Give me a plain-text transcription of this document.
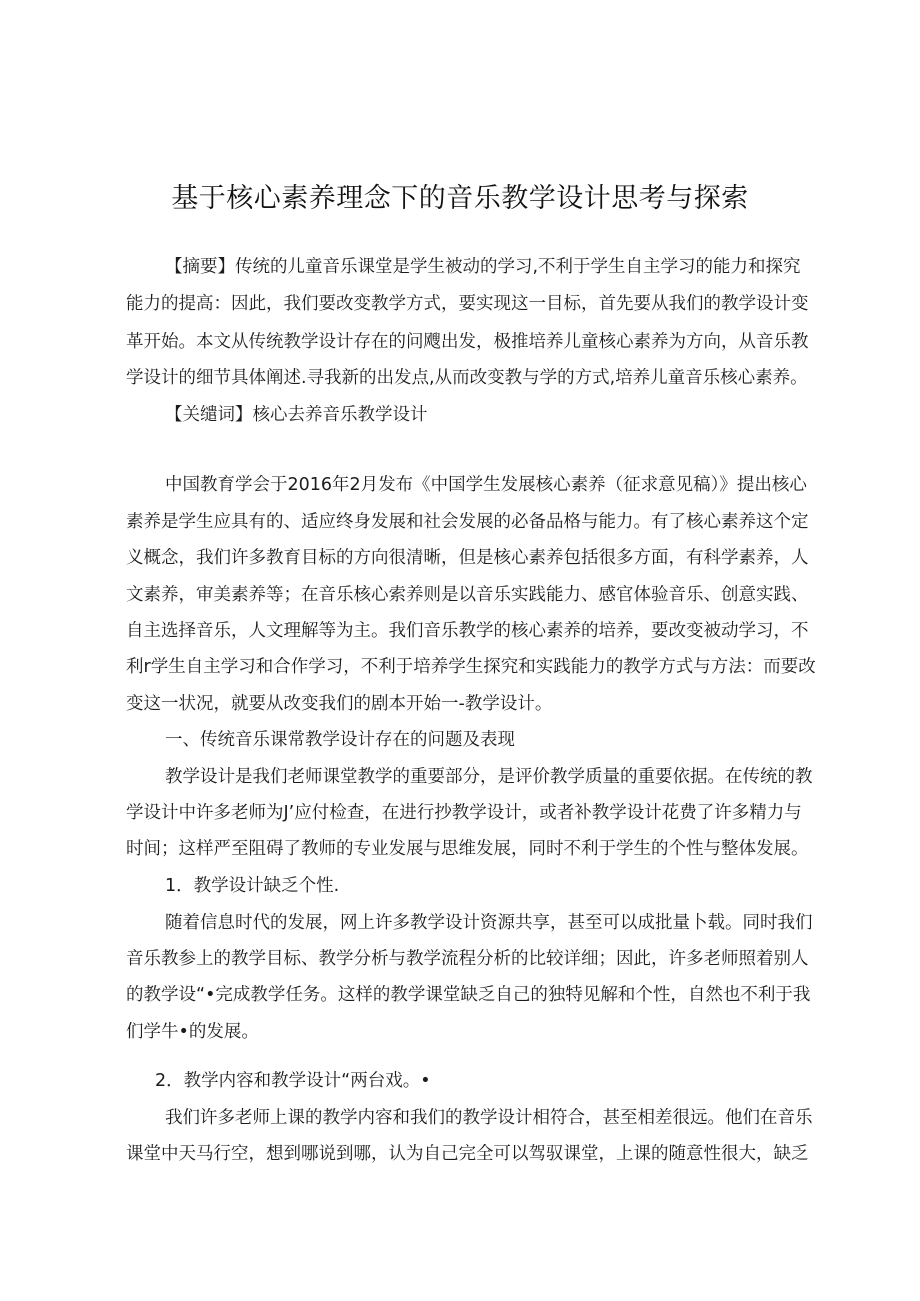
基于核心素养理念下的音乐教学设计思考与探索
【摘要】传统的儿童音乐课堂是学生被动的学习,不利于学生自主学习的能力和探究
能力的提高：因此，我们要改变教学方式，要实现这一目标，首先要从我们的教学设计变
革开始。本文从传统教学设计存在的问飕出发，极推培养儿童核心素养为方向，从音乐教
学设计的细节具体阐述.寻我新的出发点,从而改变教与学的方式,培养儿童音乐核心素养。
【关缱词】核心去养音乐教学设计
中国教育学会于2016年2月发布《中国学生发展核心素养（征求意见稿）》提出核心
素养是学生应具有的、适应终身发展和社会发展的必备品格与能力。有了核心素养这个定
义概念，我们许多教育目标的方向很清晰，但是核心素养包括很多方面，有科学素养，人
文素养，审美素养等；在音乐核心索养则是以音乐实践能力、感官体验音乐、创意实践、
自主选择音乐，人文理解等为主。我们音乐教学的核心素养的培养，要改变被动学习，不
利r学生自主学习和合作学习，不利于培养学生探究和实践能力的教学方式与方法：而要改
变这一状况，就要从改变我们的剧本开始一-教学设计。
一、传统音乐课常教学设计存在的问题及表现
教学设计是我们老师课堂教学的重要部分，是评价教学质量的重要依据。在传统的教
学设计中许多老师为J’应付检查，在进行抄教学设计，或者补教学设计花费了许多精力与
时间；这样严至阻碍了教师的专业发展与思维发展，同时不利于学生的个性与整体发展。
1．教学设计缺乏个性.
随着信息时代的发展，网上许多教学设计资源共享，甚至可以成批量卜载。同时我们
音乐教参上的教学目标、教学分析与教学流程分析的比较详细；因此，许多老师照着别人
的教学设“•完成教学任务。这样的教学课堂缺乏自己的独特见解和个性，自然也不利于我
们学牛•的发展。
2．教学内容和教学设计“两台戏。•
我们许多老师上课的教学内容和我们的教学设计相符合，甚至相差很远。他们在音乐
课堂中天马行空，想到哪说到哪，认为自己完全可以驾驭课堂，上课的随意性很大，缺乏
